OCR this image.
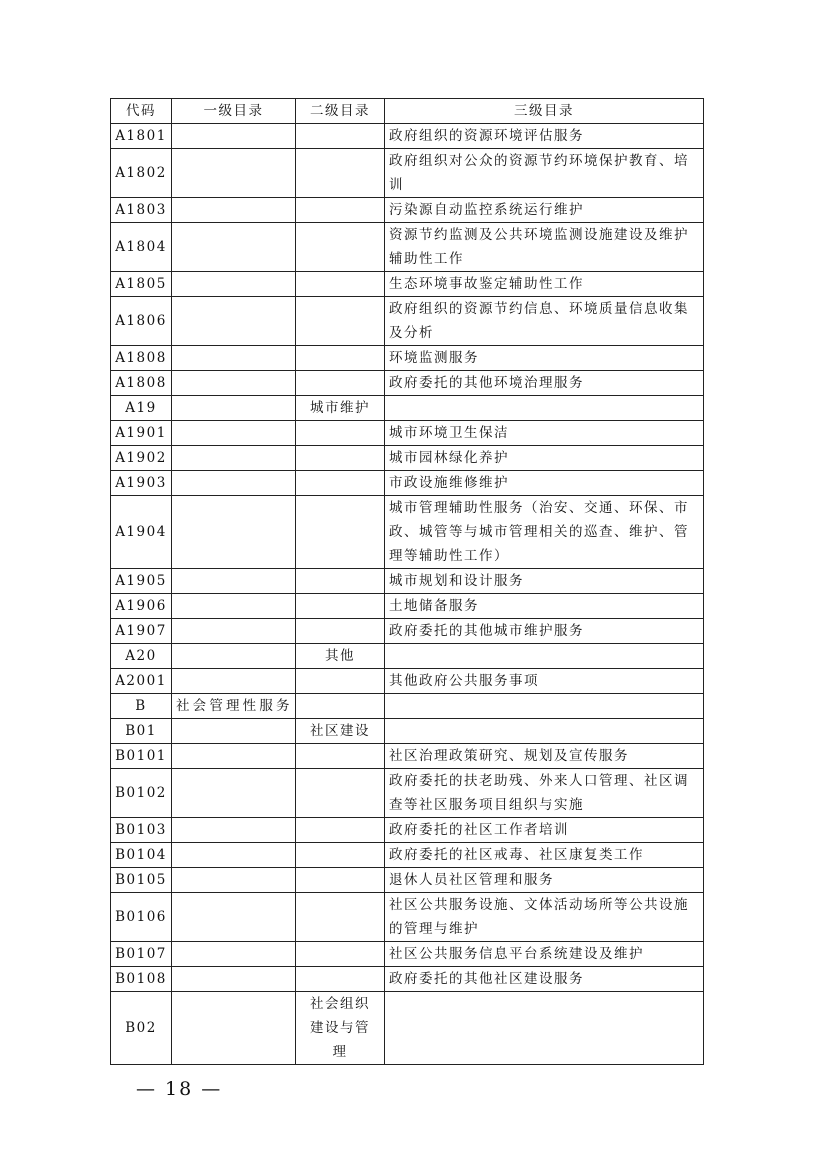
代码	一级目录	二级目录	三级目录
A1801			政府组织的资源环境评估服务
A1802			政府组织对公众的资源节约环境保护教育、培训
A1803			污染源自动监控系统运行维护
A1804			资源节约监测及公共环境监测设施建设及维护辅助性工作
A1805			生态环境事故鉴定辅助性工作
A1806			政府组织的资源节约信息、环境质量信息收集及分析
A1808			环境监测服务
A1808			政府委托的其他环境治理服务
A19		城市维护	
A1901			城市环境卫生保洁
A1902			城市园林绿化养护
A1903			市政设施维修维护
A1904			城市管理辅助性服务（治安、交通、环保、市政、城管等与城市管理相关的巡查、维护、管理等辅助性工作）
A1905			城市规划和设计服务
A1906			土地储备服务
A1907			政府委托的其他城市维护服务
A20		其他	
A2001			其他政府公共服务事项
B	社会管理性服务		
B01		社区建设	
B0101			社区治理政策研究、规划及宣传服务
B0102			政府委托的扶老助残、外来人口管理、社区调查等社区服务项目组织与实施
B0103			政府委托的社区工作者培训
B0104			政府委托的社区戒毒、社区康复类工作
B0105			退休人员社区管理和服务
B0106			社区公共服务设施、文体活动场所等公共设施的管理与维护
B0107			社区公共服务信息平台系统建设及维护
B0108			政府委托的其他社区建设服务
B02		社会组织建设与管理	
— 18 —
